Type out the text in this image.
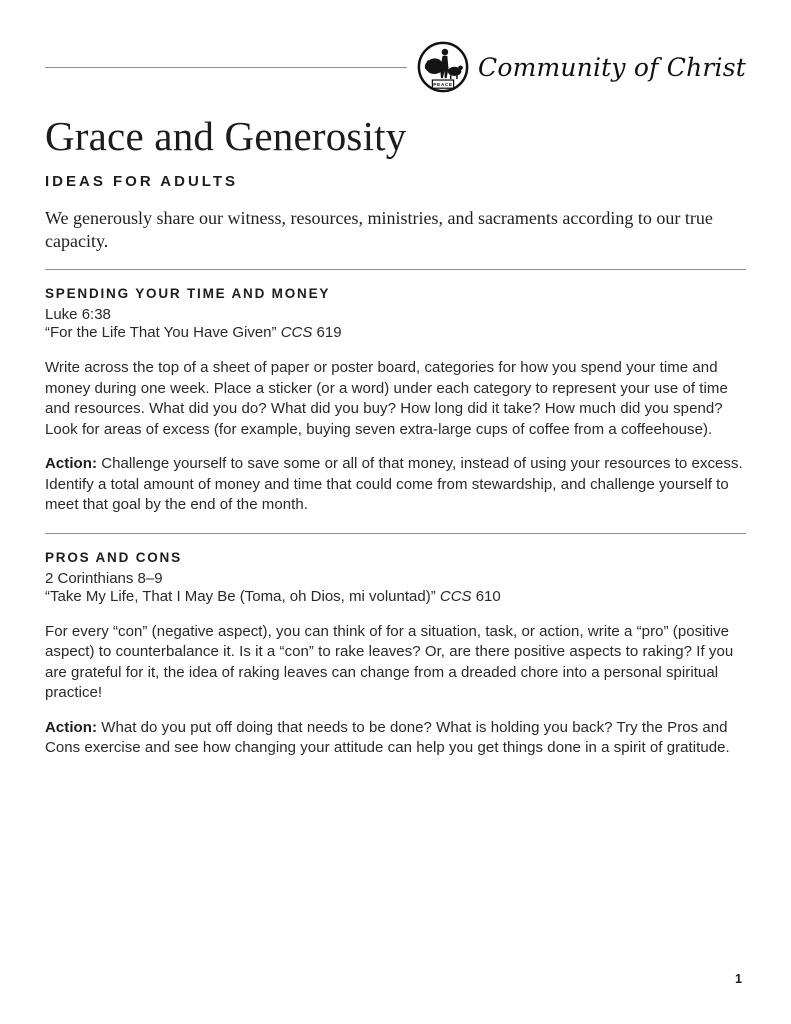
PEACE
Community of Christ
Grace and Generosity
IDEAS FOR ADULTS

We generously share our witness, resources, ministries, and sacraments according to our true capacity.

SPENDING YOUR TIME AND MONEY

Luke 6:38

“For the Life That You Have Given” CCS 619

Write across the top of a sheet of paper or poster board, categories for how you spend your time and money during one week. Place a sticker (or a word) under each category to represent your use of time and resources. What did you do? What did you buy? How long did it take? How much did you spend? Look for areas of excess (for example, buying seven extra-large cups of coffee from a coffeehouse).

Action: Challenge yourself to save some or all of that money, instead of using your resources to excess. Identify a total amount of money and time that could come from stewardship, and challenge yourself to meet that goal by the end of the month.

PROS AND CONS

2 Corinthians 8–9

“Take My Life, That I May Be (Toma, oh Dios, mi voluntad)” CCS 610

For every “con” (negative aspect), you can think of for a situation, task, or action, write a “pro” (positive aspect) to counterbalance it. Is it a “con” to rake leaves? Or, are there positive aspects to raking? If you are grateful for it, the idea of raking leaves can change from a dreaded chore into a personal spiritual practice!

Action: What do you put off doing that needs to be done? What is holding you back? Try the Pros and Cons exercise and see how changing your attitude can help you get things done in a spirit of gratitude.

1
